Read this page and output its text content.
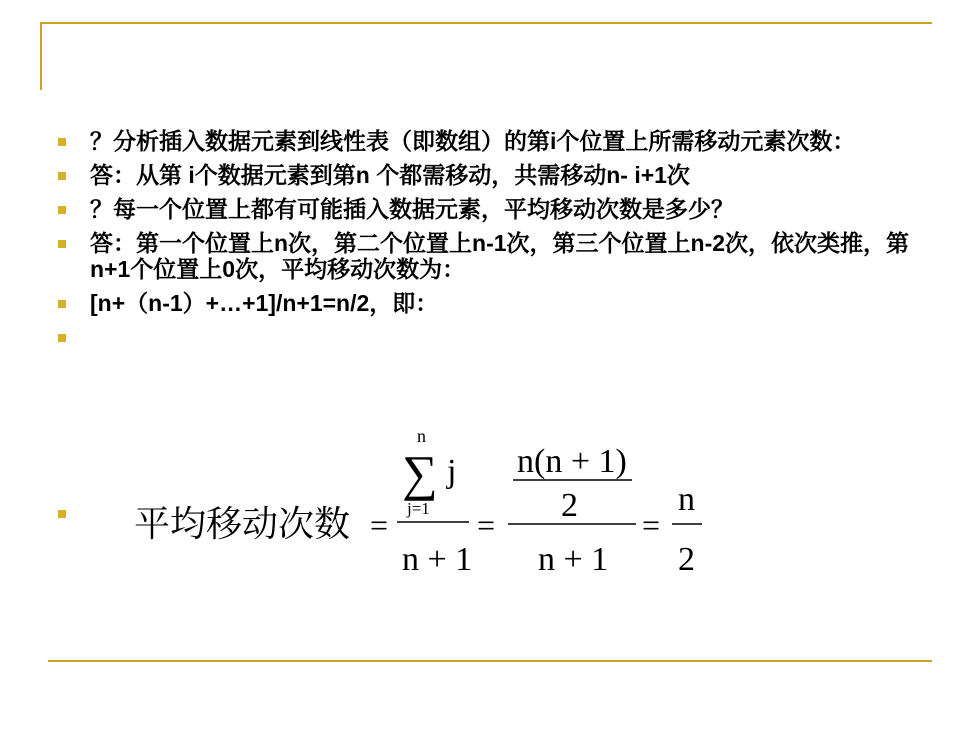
？分析插入数据元素到线性表（即数组）的第i个位置上所需移动元素次数：
答：从第 i个数据元素到第n 个都需移动，共需移动n- i+1次
？每一个位置上都有可能插入数据元素，平均移动次数是多少？
答：第一个位置上n次，第二个位置上n-1次，第三个位置上n-2次，依次类推，第n+1个位置上0次，平均移动次数为：
[n+（n-1）+…+1]/n+1=n/2，即：
平均移动次数 =
n
∑ j
j=1
n + 1
=
n(n + 1)
2
n + 1
=
n
2
